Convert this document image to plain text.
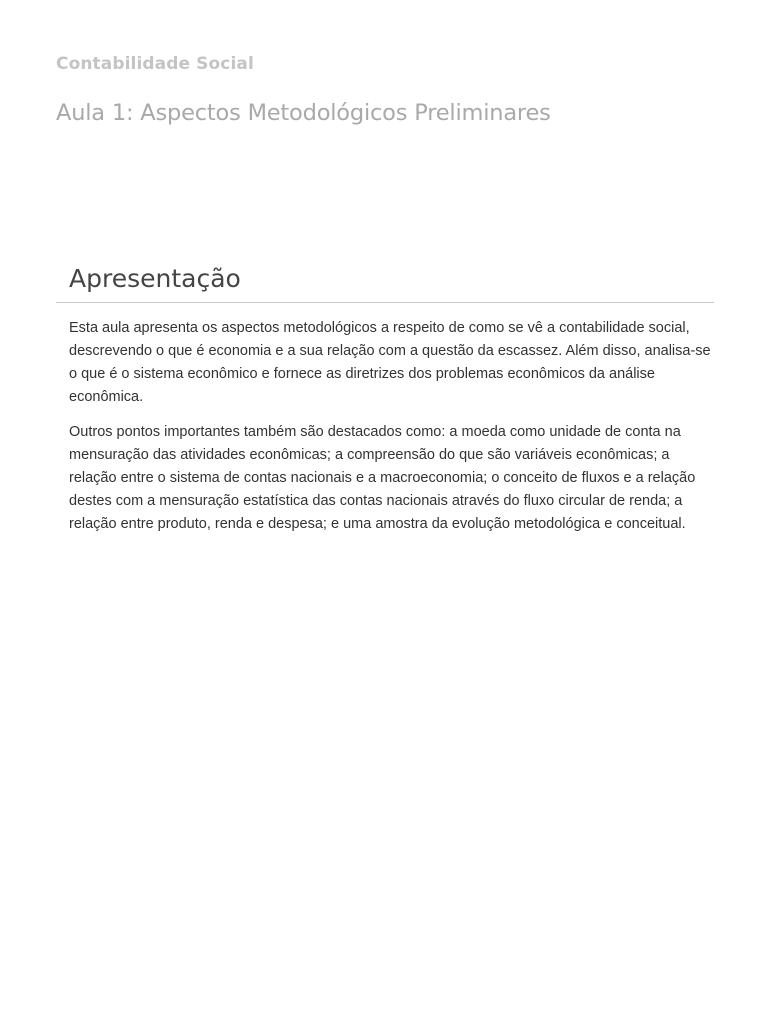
Contabilidade Social
Aula 1: Aspectos Metodológicos Preliminares
Apresentação

Esta aula apresenta os aspectos metodológicos a respeito de como se vê a contabilidade social, descrevendo o que é economia e a sua relação com a questão da escassez. Além disso, analisa-se o que é o sistema econômico e fornece as diretrizes dos problemas econômicos da análise econômica.

Outros pontos importantes também são destacados como: a moeda como unidade de conta na mensuração das atividades econômicas; a compreensão do que são variáveis econômicas; a relação entre o sistema de contas nacionais e a macroeconomia; o conceito de fluxos e a relação destes com a mensuração estatística das contas nacionais através do fluxo circular de renda; a relação entre produto, renda e despesa; e uma amostra da evolução metodológica e conceitual.
